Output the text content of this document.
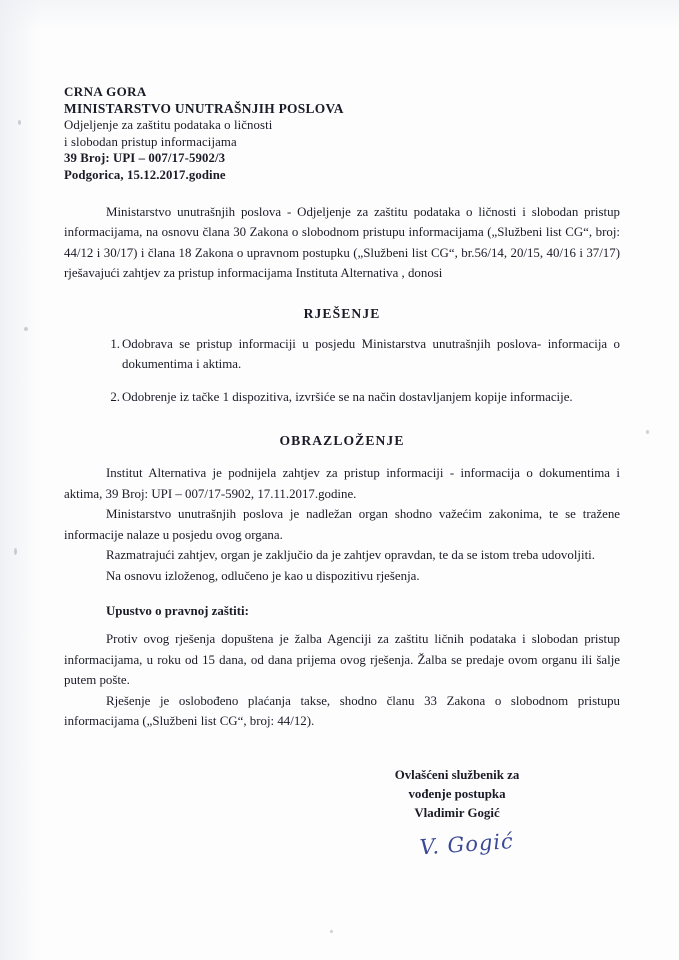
CRNA GORA
MINISTARSTVO UNUTRAŠNJIH POSLOVA
Odjeljenje za zaštitu podataka o ličnosti
i slobodan pristup informacijama
39 Broj: UPI – 007/17-5902/3
Podgorica, 15.12.2017.godine
Ministarstvo unutrašnjih poslova - Odjeljenje za zaštitu podataka o ličnosti i slobodan pristup informacijama, na osnovu člana 30 Zakona o slobodnom pristupu informacijama („Službeni list CG“, broj: 44/12 i 30/17) i člana 18 Zakona o upravnom postupku („Službeni list CG“, br.56/14, 20/15, 40/16 i 37/17) rješavajući zahtjev za pristup informacijama Instituta Alternativa , donosi
RJEŠENJE
1. Odobrava se pristup informaciji u posjedu Ministarstva unutrašnjih poslova- informacija o dokumentima i aktima.
2. Odobrenje iz tačke 1 dispozitiva, izvršiće se na način dostavljanjem kopije informacije.
OBRAZLOŽENJE
Institut Alternativa je podnijela zahtjev za pristup informaciji - informacija o dokumentima i aktima, 39 Broj: UPI – 007/17-5902, 17.11.2017.godine.
Ministarstvo unutrašnjih poslova je nadležan organ shodno važećim zakonima, te se tražene informacije nalaze u posjedu ovog organa.
Razmatrajući zahtjev, organ je zaključio da je zahtjev opravdan, te da se istom treba udovoljiti.
Na osnovu izloženog, odlučeno je kao u dispozitivu rješenja.
Upustvo o pravnoj zaštiti:
Protiv ovog rješenja dopuštena je žalba Agenciji za zaštitu ličnih podataka i slobodan pristup informacijama, u roku od 15 dana, od dana prijema ovog rješenja. Žalba se predaje ovom organu ili šalje putem pošte.
Rješenje je oslobođeno plaćanja takse, shodno članu 33 Zakona o slobodnom pristupu informacijama („Službeni list CG“, broj: 44/12).
Ovlašćeni službenik za
vođenje postupka
Vladimir Gogić
V. Gogić
